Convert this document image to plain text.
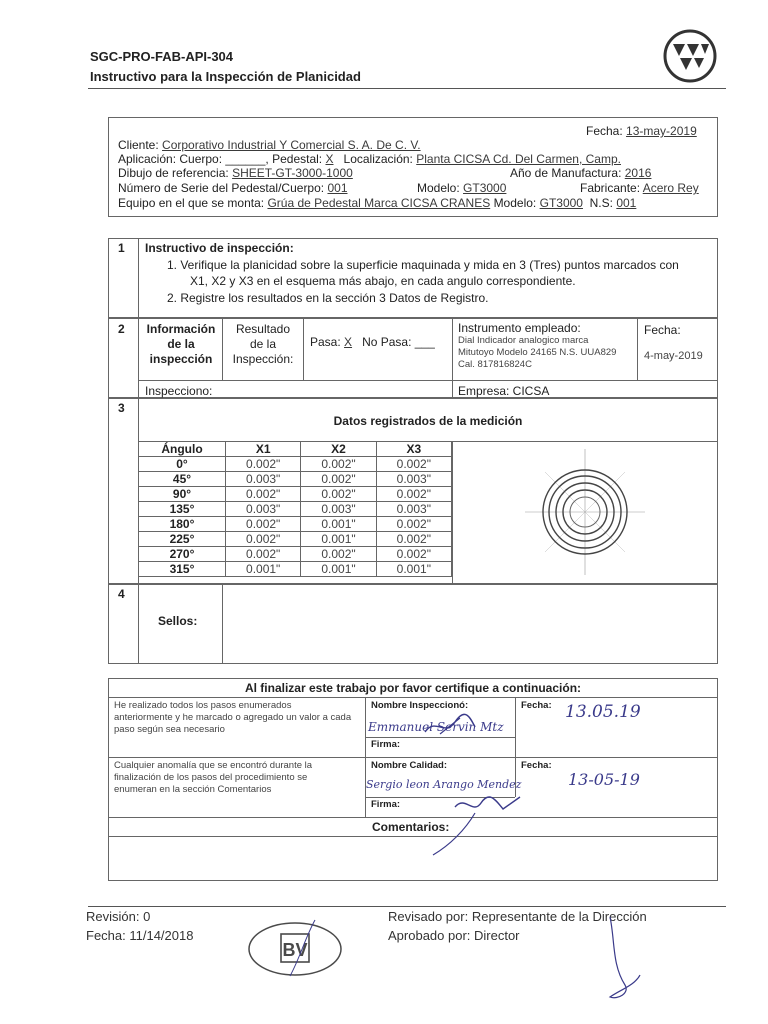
SGC-PRO-FAB-API-304
Instructivo para la Inspección de Planicidad
Fecha: 13-may-2019
Cliente: Corporativo Industrial Y Comercial S. A. De C. V.
Aplicación: Cuerpo: ______, Pedestal: X Localización: Planta CICSA Cd. Del Carmen, Camp.
Dibujo de referencia: SHEET-GT-3000-1000	Año de Manufactura: 2016
Número de Serie del Pedestal/Cuerpo: 001	Modelo: GT3000	Fabricante: Acero Rey
Equipo en el que se monta: Grúa de Pedestal Marca CICSA CRANES Modelo: GT3000 N.S: 001
1 Instructivo de inspección:
1. Verifique la planicidad sobre la superficie maquinada y mida en 3 (Tres) puntos marcados con
X1, X2 y X3 en el esquema más abajo, en cada angulo correspondiente.
2. Registre los resultados en la sección 3 Datos de Registro.
2	Información
de la
inspección
Resultado
de la
Inspección:
Pasa: X No Pasa: ___
Instrumento empleado:
Dial Indicador analogico marca
Mitutoyo Modelo 24165 N.S. UUA829
Cal. 817816824C
Fecha:
4-may-2019
Inspecciono:	Empresa: CICSA
3
Datos registrados de la medición
Ángulo	X1	X2	X3
0°	0.002"	0.002"	0.002"
45°	0.003"	0.002"	0.003"
90°	0.002"	0.002"	0.002"
135°	0.003"	0.003"	0.003"
180°	0.002"	0.001"	0.002"
225°	0.002"	0.001"	0.002"
270°	0.002"	0.002"	0.002"
315°	0.001"	0.001"	0.001"
4
Sellos:
Al finalizar este trabajo por favor certifique a continuación:
He realizado todos los pasos enumerados
anteriormente y he marcado o agregado un valor a cada
paso según sea necesario
Nombre Inspeccionó:
Emmanuel Servin Mtz
Fecha: 13.05.19
Firma:
Cualquier anomalía que se encontró durante la
finalización de los pasos del procedimiento se
enumeran en la sección Comentarios
Nombre Calidad:
Sergio leon Arango Mendez
Fecha:
13-05-19
Firma:
Comentarios:
Revisión: 0
Fecha: 11/14/2018
Revisado por: Representante de la Dirección
Aprobado por: Director
BV
